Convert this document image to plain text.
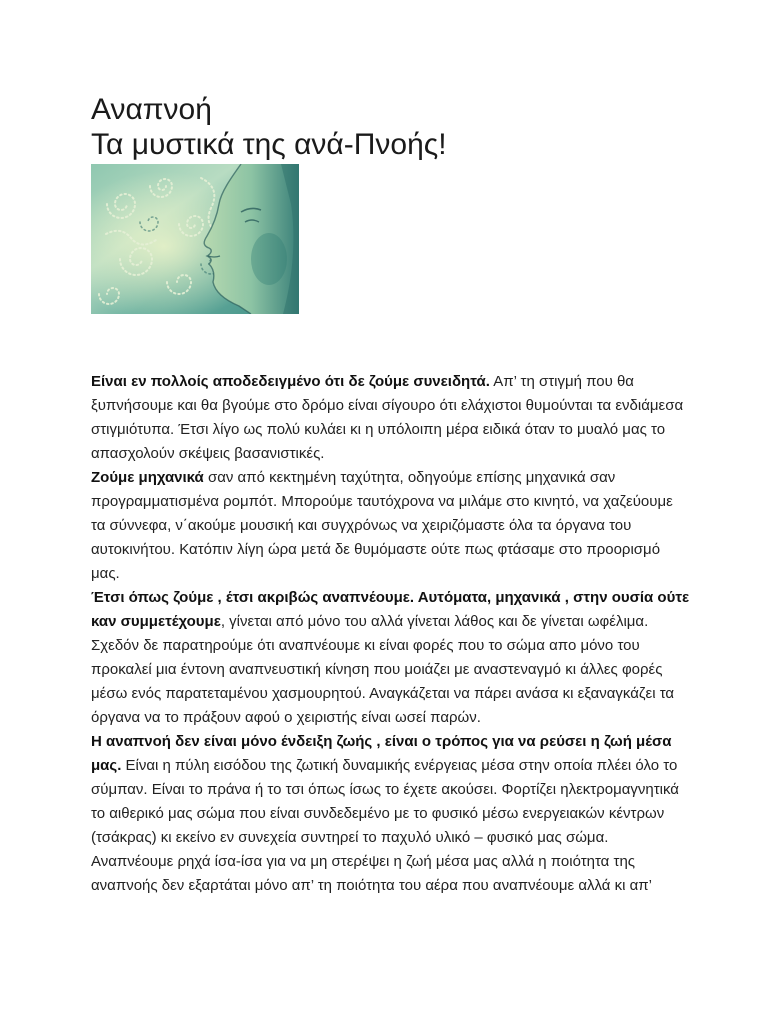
Αναπνοή
Τα μυστικά της ανά-Πνοής!

Είναι εν πολλοίς αποδεδειγμένο ότι δε ζούμε συνειδητά. Απ’ τη στιγμή που θα ξυπνήσουμε και θα βγούμε στο δρόμο είναι σίγουρο ότι ελάχιστοι θυμούνται τα ενδιάμεσα στιγμιότυπα. Έτσι λίγο ως πολύ κυλάει κι η υπόλοιπη μέρα ειδικά όταν το μυαλό μας το απασχολούν σκέψεις βασανιστικές.

Ζούμε μηχανικά σαν από κεκτημένη ταχύτητα, οδηγούμε επίσης μηχανικά σαν προγραμματισμένα ρομπότ. Μπορούμε ταυτόχρονα να μιλάμε στο κινητό, να χαζεύουμε τα σύννεφα, ν΄ακούμε μουσική και συγχρόνως να χειριζόμαστε όλα τα όργανα του αυτοκινήτου. Κατόπιν λίγη ώρα μετά δε θυμόμαστε ούτε πως φτάσαμε στο προορισμό μας.

Έτσι όπως ζούμε , έτσι ακριβώς αναπνέουμε. Αυτόματα, μηχανικά , στην ουσία ούτε καν συμμετέχουμε, γίνεται από μόνο του αλλά γίνεται λάθος και δε γίνεται ωφέλιμα. Σχεδόν δε παρατηρούμε ότι αναπνέουμε κι είναι φορές που το σώμα απο μόνο του προκαλεί μια έντονη αναπνευστική κίνηση που μοιάζει με αναστεναγμό κι άλλες φορές μέσω ενός παρατεταμένου χασμουρητού. Αναγκάζεται να πάρει ανάσα κι εξαναγκάζει τα όργανα να το πράξουν αφού ο χειριστής είναι ωσεί παρών.

Η αναπνοή δεν είναι μόνο ένδειξη ζωής , είναι ο τρόπος για να ρεύσει η ζωή μέσα μας. Είναι η πύλη εισόδου της ζωτική δυναμικής ενέργειας μέσα στην οποία πλέει όλο το σύμπαν. Είναι το πράνα ή το τσι όπως ίσως το έχετε ακούσει. Φορτίζει ηλεκτρομαγνητικά το αιθερικό μας σώμα που είναι συνδεδεμένο με το φυσικό μέσω ενεργειακών κέντρων (τσάκρας) κι εκείνο εν συνεχεία συντηρεί το παχυλό υλικό – φυσικό μας σώμα.

Αναπνέουμε ρηχά ίσα-ίσα για να μη στερέψει η ζωή μέσα μας αλλά η ποιότητα της αναπνοής δεν εξαρτάται μόνο απ’ τη ποιότητα του αέρα που αναπνέουμε αλλά κι απ’
